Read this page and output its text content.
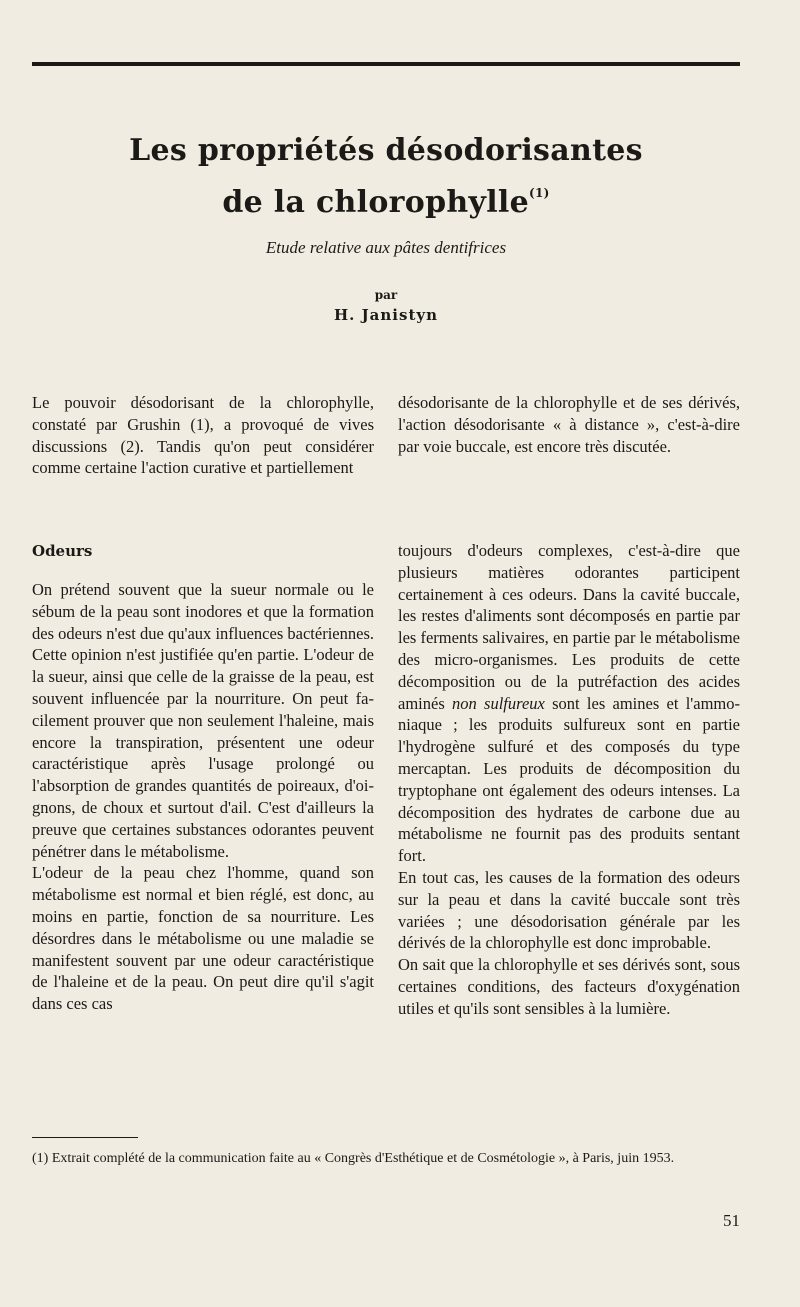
Les propriétés désodorisantes
de la chlorophylle$^{(1)}$
Etude relative aux pâtes dentifrices
par
H. Janistyn

Le pouvoir désodorisant de la chlorophylle, constaté par Grushin (1), a provoqué de vives discussions (2). Tandis qu'on peut considérer comme certaine l'action curative et partiellement

désodorisante de la chlorophylle et de ses dérivés, l'action désodorisante « à distance », c'est-à-dire par voie buccale, est encore très discutée.

Odeurs

On prétend souvent que la sueur normale ou le sébum de la peau sont inodores et que la formation des odeurs n'est due qu'aux influences bactériennes. Cette opinion n'est justifiée qu'en partie. L'odeur de la sueur, ainsi que celle de la graisse de la peau, est souvent influencée par la nourriture. On peut facilement prouver que non seulement l'haleine, mais encore la transpiration, présentent une odeur caractéristique après l'usage prolongé ou l'absorption de grandes quantités de poireaux, d'oignons, de choux et surtout d'ail. C'est d'ailleurs la preuve que certaines substances odorantes peuvent pénétrer dans le métabolisme.

L'odeur de la peau chez l'homme, quand son métabolisme est normal et bien réglé, est donc, au moins en partie, fonction de sa nourriture. Les désordres dans le métabolisme ou une maladie se manifestent souvent par une odeur caractéristique de l'haleine et de la peau. On peut dire qu'il s'agit dans ces cas

toujours d'odeurs complexes, c'est-à-dire que plusieurs matières odorantes participent certainement à ces odeurs. Dans la cavité buccale, les restes d'aliments sont décomposés en partie par les ferments salivaires, en partie par le métabolisme des micro-organismes. Les produits de cette décomposition ou de la putréfaction des acides aminés non sulfureux sont les amines et l'ammoniaque ; les produits sulfureux sont en partie l'hydrogène sulfuré et des composés du type mercaptan. Les produits de décomposition du tryptophane ont également des odeurs intenses. La décomposition des hydrates de carbone due au métabolisme ne fournit pas des produits sentant fort.

En tout cas, les causes de la formation des odeurs sur la peau et dans la cavité buccale sont très variées ; une désodorisation générale par les dérivés de la chlorophylle est donc improbable.

On sait que la chlorophylle et ses dérivés sont, sous certaines conditions, des facteurs d'oxygénation utiles et qu'ils sont sensibles à la lumière.

(1) Extrait complété de la communication faite au « Congrès d'Esthétique et de Cosmétologie », à Paris, juin 1953.
51
